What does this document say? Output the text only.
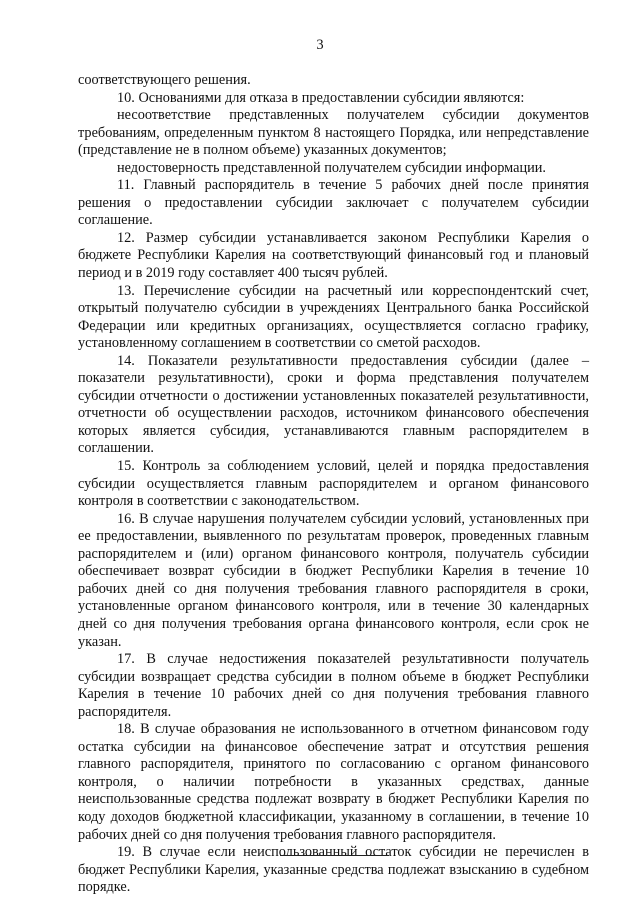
3

соответствующего решения.

10. Основаниями для отказа в предоставлении субсидии являются:

несоответствие представленных получателем субсидии документов требованиям, определенным пунктом 8 настоящего Порядка, или непредставление (представление не в полном объеме) указанных документов;

недостоверность представленной получателем субсидии информации.

11. Главный распорядитель в течение 5 рабочих дней после принятия решения о предоставлении субсидии заключает с получателем субсидии соглашение.

12. Размер субсидии устанавливается законом Республики Карелия о бюджете Республики Карелия на соответствующий финансовый год и плановый период и в 2019 году составляет 400 тысяч рублей.

13. Перечисление субсидии на расчетный или корреспондентский счет, открытый получателю субсидии в учреждениях Центрального банка Российской Федерации или кредитных организациях, осуществляется согласно графику, установленному соглашением в соответствии со сметой расходов.

14. Показатели результативности предоставления субсидии (далее – показатели результативности), сроки и форма представления получателем субсидии отчетности о достижении установленных показателей результативности, отчетности об осуществлении расходов, источником финансового обеспечения которых является субсидия, устанавливаются главным распорядителем в соглашении.

15. Контроль за соблюдением условий, целей и порядка предоставления субсидии осуществляется главным распорядителем и органом финансового контроля в соответствии с законодательством.

16. В случае нарушения получателем субсидии условий, установленных при ее предоставлении, выявленного по результатам проверок, проведенных главным распорядителем и (или) органом финансового контроля, получатель субсидии обеспечивает возврат субсидии в бюджет Республики Карелия в течение 10 рабочих дней со дня получения требования главного распорядителя в сроки, установленные органом финансового контроля, или в течение 30 календарных дней со дня получения требования органа финансового контроля, если срок не указан.

17. В случае недостижения показателей результативности получатель субсидии возвращает средства субсидии в полном объеме в бюджет Республики Карелия в течение 10 рабочих дней со дня получения требования главного распорядителя.

18. В случае образования не использованного в отчетном финансовом году остатка субсидии на финансовое обеспечение затрат и отсутствия решения главного распорядителя, принятого по согласованию с органом финансового контроля, о наличии потребности в указанных средствах, данные неиспользованные средства подлежат возврату в бюджет Республики Карелия по коду доходов бюджетной классификации, указанному в соглашении, в течение 10 рабочих дней со дня получения требования главного распорядителя.

19. В случае если неиспользованный остаток субсидии не перечислен в бюджет Республики Карелия, указанные средства подлежат взысканию в судебном порядке.
